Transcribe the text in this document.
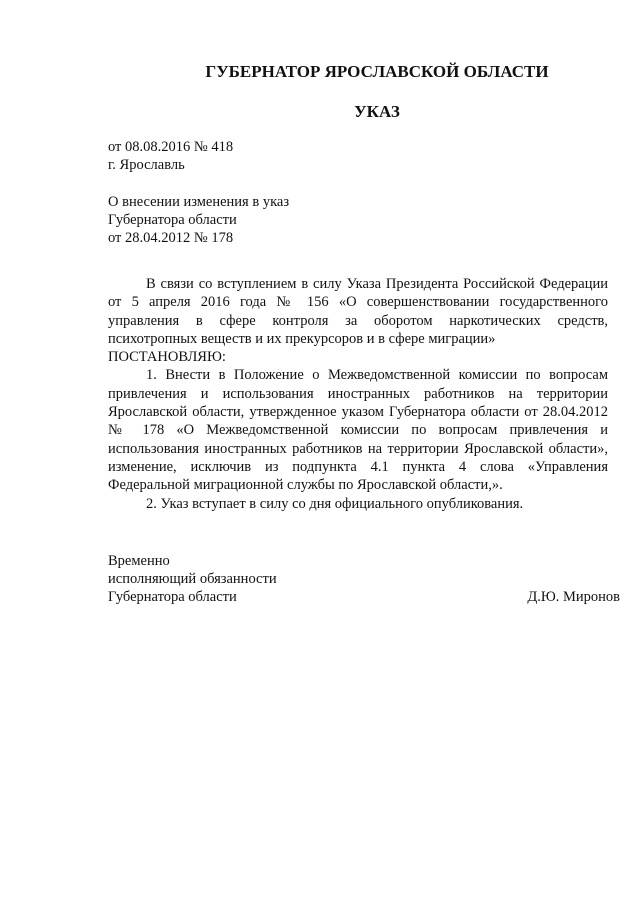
ГУБЕРНАТОР ЯРОСЛАВСКОЙ ОБЛАСТИ
УКАЗ
от 08.08.2016 № 418
г. Ярославль
О внесении изменения в указ
Губернатора области
от 28.04.2012 № 178

В связи со вступлением в силу Указа Президента Российской Федерации от 5 апреля 2016 года № 156 «О совершенствовании государственного управления в сфере контроля за оборотом наркотических средств, психотропных веществ и их прекурсоров и в сфере миграции»

ПОСТАНОВЛЯЮ:

1. Внести в Положение о Межведомственной комиссии по вопросам привлечения и использования иностранных работников на территории Ярославской области, утвержденное указом Губернатора области от 28.04.2012 № 178 «О Межведомственной комиссии по вопросам привлечения и использования иностранных работников на территории Ярославской области», изменение, исключив из подпункта 4.1 пункта 4 слова «Управления Федеральной миграционной службы по Ярославской области,».

2. Указ вступает в силу со дня официального опубликования.

Временно
исполняющий обязанности
Губернатора области	Д.Ю. Миронов
